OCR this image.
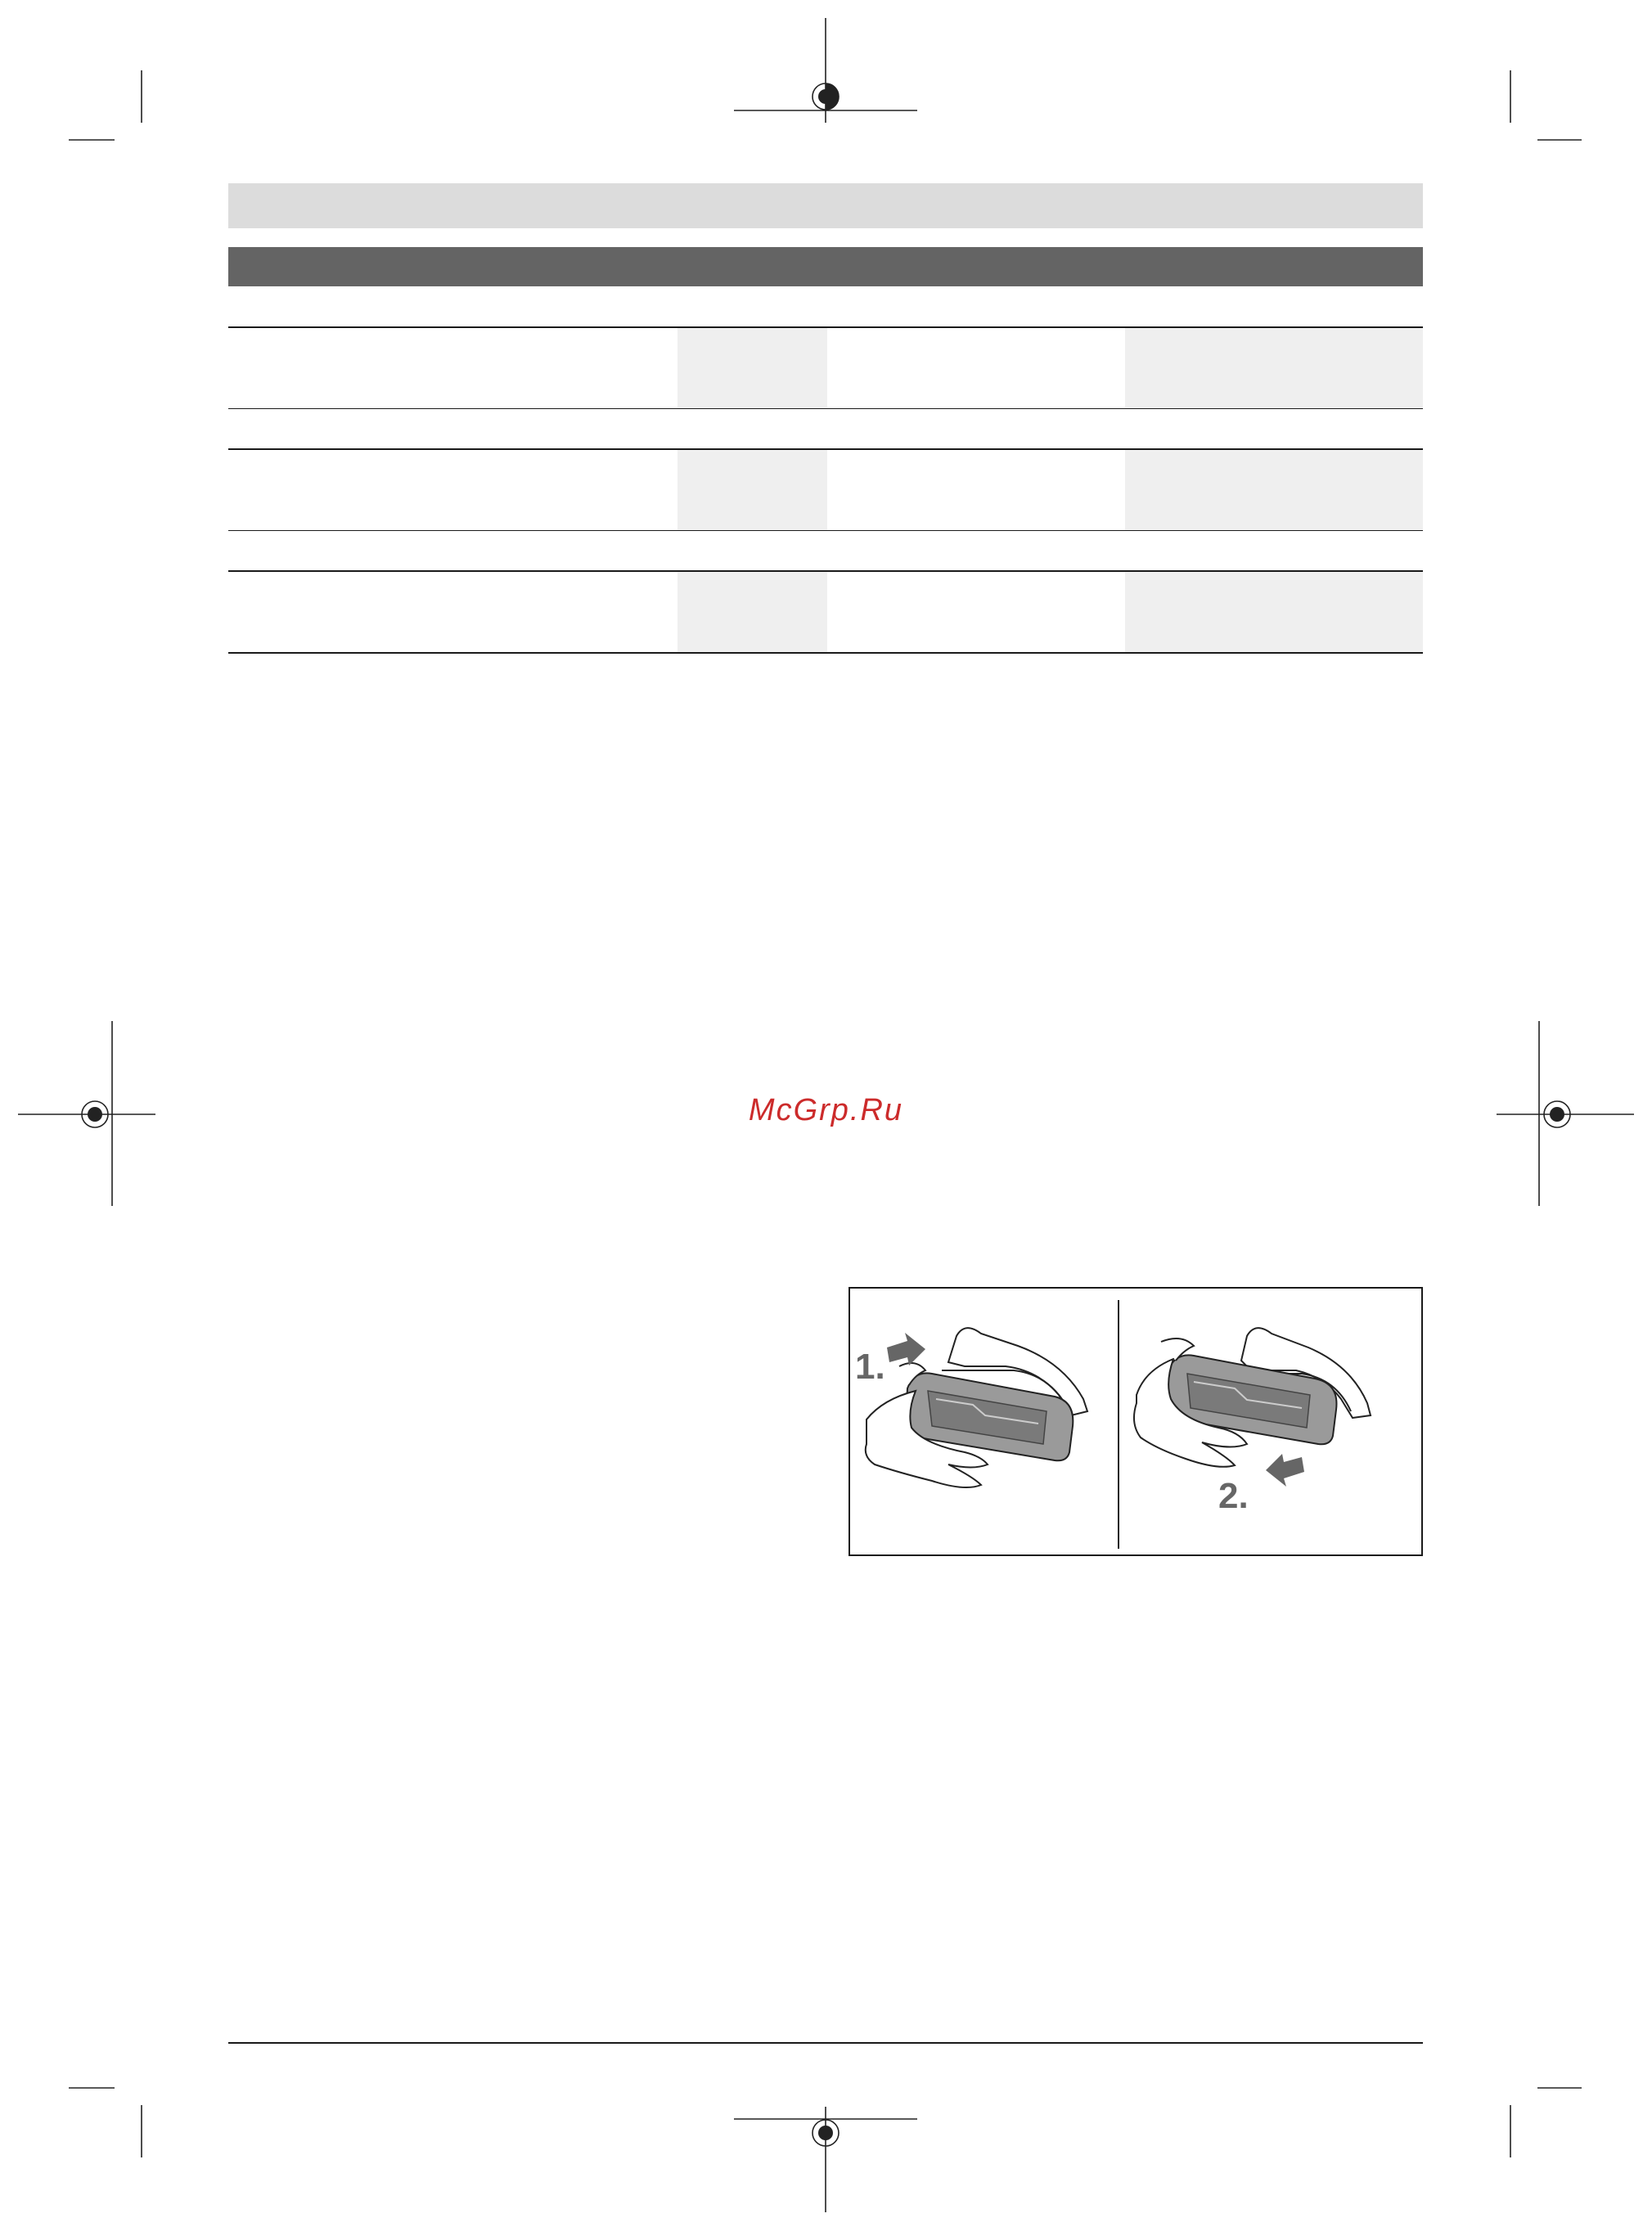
McGrp.Ru
1.
2.
